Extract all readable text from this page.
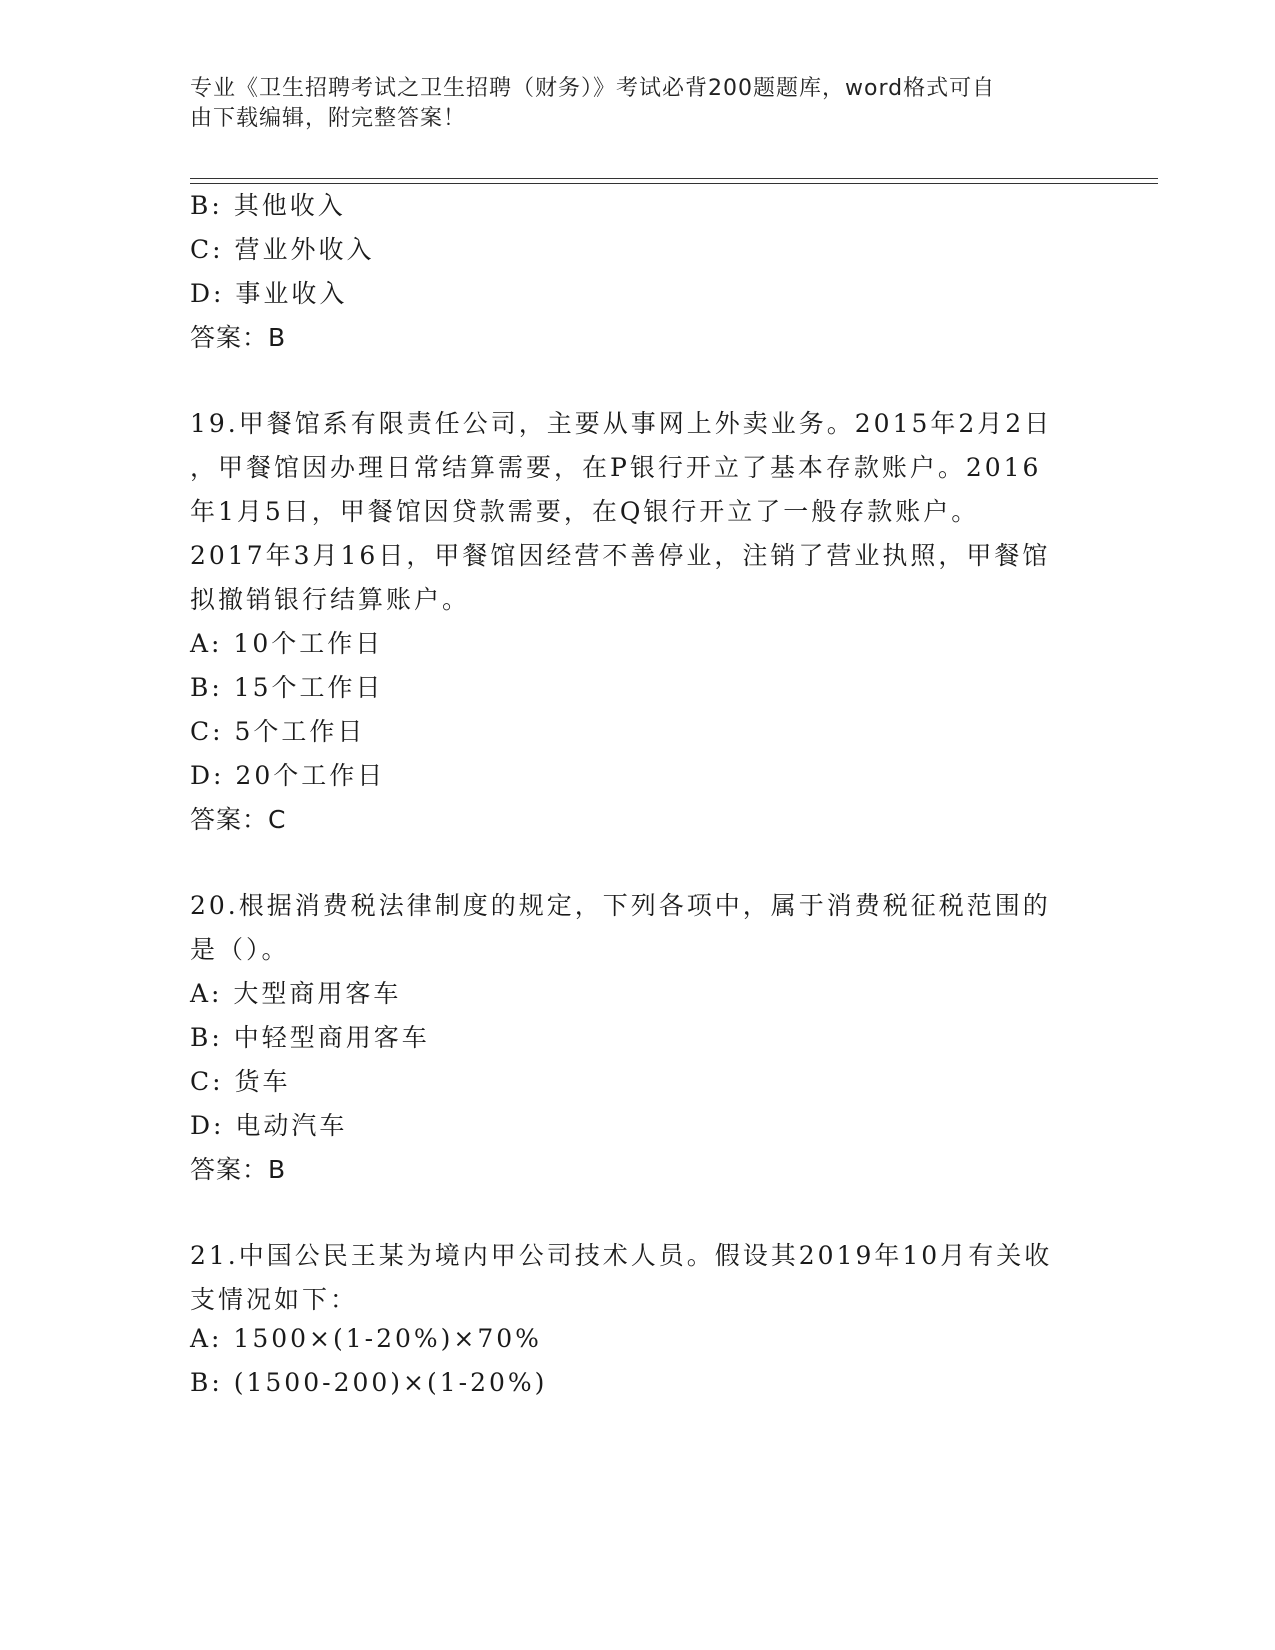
专业《卫生招聘考试之卫生招聘（财务）》考试必背200题题库，word格式可自
由下载编辑，附完整答案！
B: 其他收入
C: 营业外收入
D: 事业收入
答案：B
19.甲餐馆系有限责任公司，主要从事网上外卖业务。2015年2月2日
，甲餐馆因办理日常结算需要，在P银行开立了基本存款账户。2016
年1月5日，甲餐馆因贷款需要，在Q银行开立了一般存款账户。
2017年3月16日，甲餐馆因经营不善停业，注销了营业执照，甲餐馆
拟撤销银行结算账户。
A: 10个工作日
B: 15个工作日
C: 5个工作日
D: 20个工作日
答案：C
20.根据消费税法律制度的规定，下列各项中，属于消费税征税范围的
是（）。
A: 大型商用客车
B: 中轻型商用客车
C: 货车
D: 电动汽车
答案：B
21.中国公民王某为境内甲公司技术人员。假设其2019年10月有关收
支情况如下：
A: 1500×(1-20%)×70%
B: (1500-200)×(1-20%)
